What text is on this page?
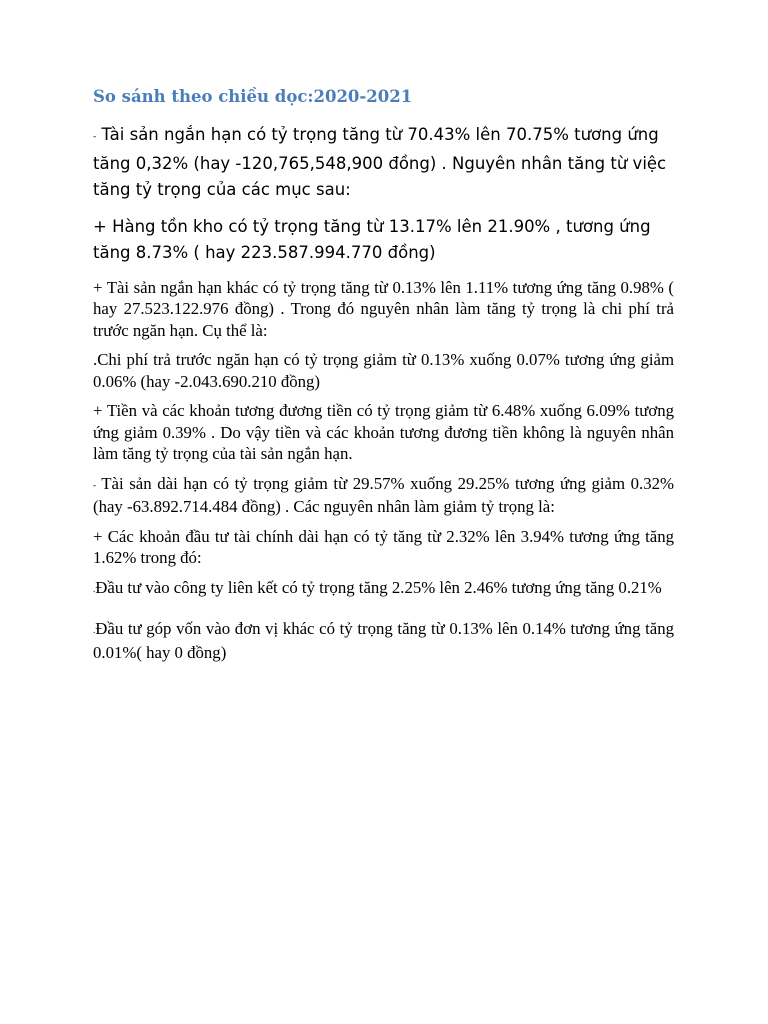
So sánh theo chiều dọc:2020-2021

- Tài sản ngắn hạn có tỷ trọng tăng từ 70.43% lên 70.75% tương ứng tăng 0,32% (hay -120,765,548,900 đồng) . Nguyên nhân tăng từ việc tăng tỷ trọng của các mục sau:

+ Hàng tồn kho có tỷ trọng tăng từ 13.17% lên 21.90% , tương ứng tăng 8.73% ( hay 223.587.994.770 đồng)

+ Tài sản ngắn hạn khác có tỷ trọng tăng từ 0.13% lên 1.11% tương ứng tăng 0.98% ( hay 27.523.122.976 đồng) . Trong đó nguyên nhân làm tăng tỷ trọng là chi phí trả trước ngăn hạn. Cụ thể là:

.Chi phí trả trước ngăn hạn có tỷ trọng giảm từ 0.13% xuống 0.07% tương ứng giảm 0.06% (hay -2.043.690.210 đồng)

+ Tiền và các khoản tương đương tiền có tỷ trọng giảm từ 6.48% xuống 6.09% tương ứng giảm 0.39% . Do vậy tiền và các khoản tương đương tiền không là nguyên nhân làm tăng tỷ trọng của tài sản ngắn hạn.

- Tài sản dài hạn có tỷ trọng giảm từ 29.57% xuống 29.25% tương ứng giảm 0.32% (hay -63.892.714.484 đồng) . Các nguyên nhân làm giảm tỷ trọng là:

+ Các khoản đầu tư tài chính dài hạn có tỷ tăng từ 2.32% lên 3.94% tương ứng tăng 1.62% trong đó:

.Đầu tư vào công ty liên kết có tỷ trọng tăng 2.25% lên 2.46% tương ứng tăng 0.21%

.Đầu tư góp vốn vào đơn vị khác có tỷ trọng tăng từ 0.13% lên 0.14% tương ứng tăng 0.01%( hay 0 đồng)
